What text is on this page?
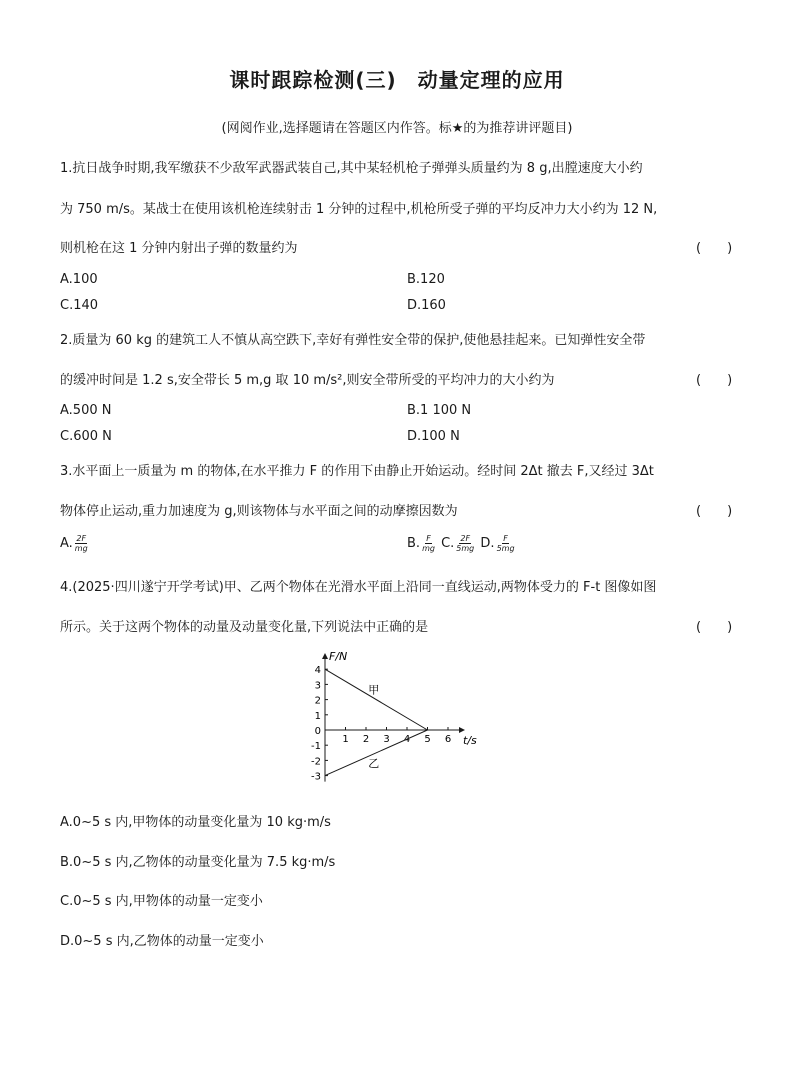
课时跟踪检测(三)　动量定理的应用
(网阅作业,选择题请在答题区内作答。标★的为推荐讲评题目)
1.抗日战争时期,我军缴获不少敌军武器武装自己,其中某轻机枪子弹弹头质量约为 8 g,出膛速度大小约
为 750 m/s。某战士在使用该机枪连续射击 1 分钟的过程中,机枪所受子弹的平均反冲力大小约为 12 N,
则机枪在这 1 分钟内射出子弹的数量约为	(　　)
A.100	B.120
C.140	D.160
2.质量为 60 kg 的建筑工人不慎从高空跌下,幸好有弹性安全带的保护,使他悬挂起来。已知弹性安全带
的缓冲时间是 1.2 s,安全带长 5 m,g 取 10 m/s²,则安全带所受的平均冲力的大小约为	(　　)
A.500 N	B.1 100 N
C.600 N	D.100 N
3.水平面上一质量为 m 的物体,在水平推力 F 的作用下由静止开始运动。经时间 2Δt 撤去 F,又经过 3Δt
物体停止运动,重力加速度为 g,则该物体与水平面之间的动摩擦因数为	(　　)
A. $\frac{2F}{mg}$	B. $\frac{F}{mg} C$. $\frac{2F}{5mg} D$. $\frac{F}{5mg}$
4.(2025·四川遂宁开学考试)甲、乙两个物体在光滑水平面上沿同一直线运动,两物体受力的 F-t 图像如图
所示。关于这两个物体的动量及动量变化量,下列说法中正确的是	(　　)
F/N
t/s
4
3
2
1
0
-1
-2
-3
1 2 3 4 5 6
甲
乙
A.0~5 s 内,甲物体的动量变化量为 10 kg·m/s
B.0~5 s 内,乙物体的动量变化量为 7.5 kg·m/s
C.0~5 s 内,甲物体的动量一定变小
D.0~5 s 内,乙物体的动量一定变小
